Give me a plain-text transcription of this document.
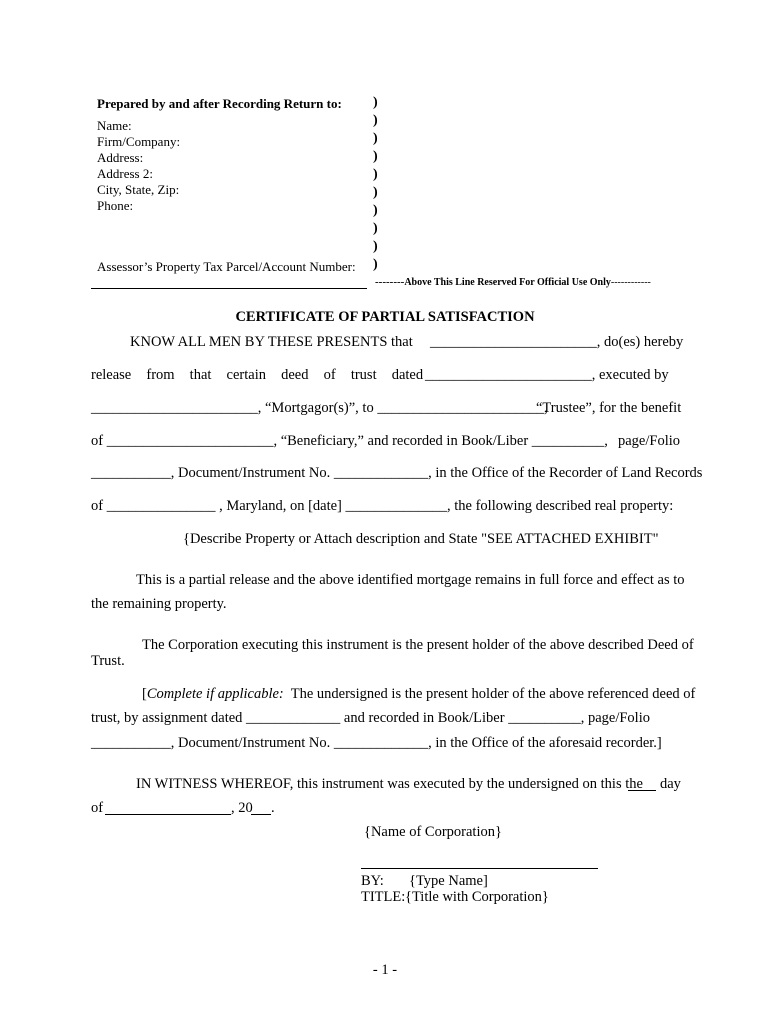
Prepared by and after Recording Return to:
Name:
Firm/Company:
Address:
Address 2:
City, State, Zip:
Phone:
Assessor’s Property Tax Parcel/Account Number:
)
)
)
)
)
)
)
)
)
)
--------Above This Line Reserved For Official Use Only------------
CERTIFICATE OF PARTIAL SATISFACTION
KNOW ALL MEN BY THESE PRESENTS that _______________________, do(es) hereby
release from that certain deed of trust dated _______________________, executed by
_______________________, “Mortgagor(s)”, to _______________________,
“Trustee”, for the benefit
of _______________________, “Beneficiary,” and recorded in Book/Liber __________, page/Folio
___________, Document/Instrument No. _____________, in the Office of the Recorder of Land Records
of _______________ , Maryland, on [date] ______________, the following described real property:
{Describe Property or Attach description and State "SEE ATTACHED EXHIBIT"
This is a partial release and the above identified mortgage remains in full force and effect as to
the remaining property.
The Corporation executing this instrument is the present holder of the above described Deed of
Trust.
[Complete if applicable:  The undersigned is the present holder of the above referenced deed of
trust, by assignment dated _____________ and recorded in Book/Liber __________, page/Folio
___________, Document/Instrument No. _____________, in the Office of the aforesaid recorder.]
IN WITNESS WHEREOF, this instrument was executed by the undersigned on this the day
of	, 20 .
{Name of Corporation}
BY: {Type Name]
TITLE: {Title with Corporation}
- 1 -
